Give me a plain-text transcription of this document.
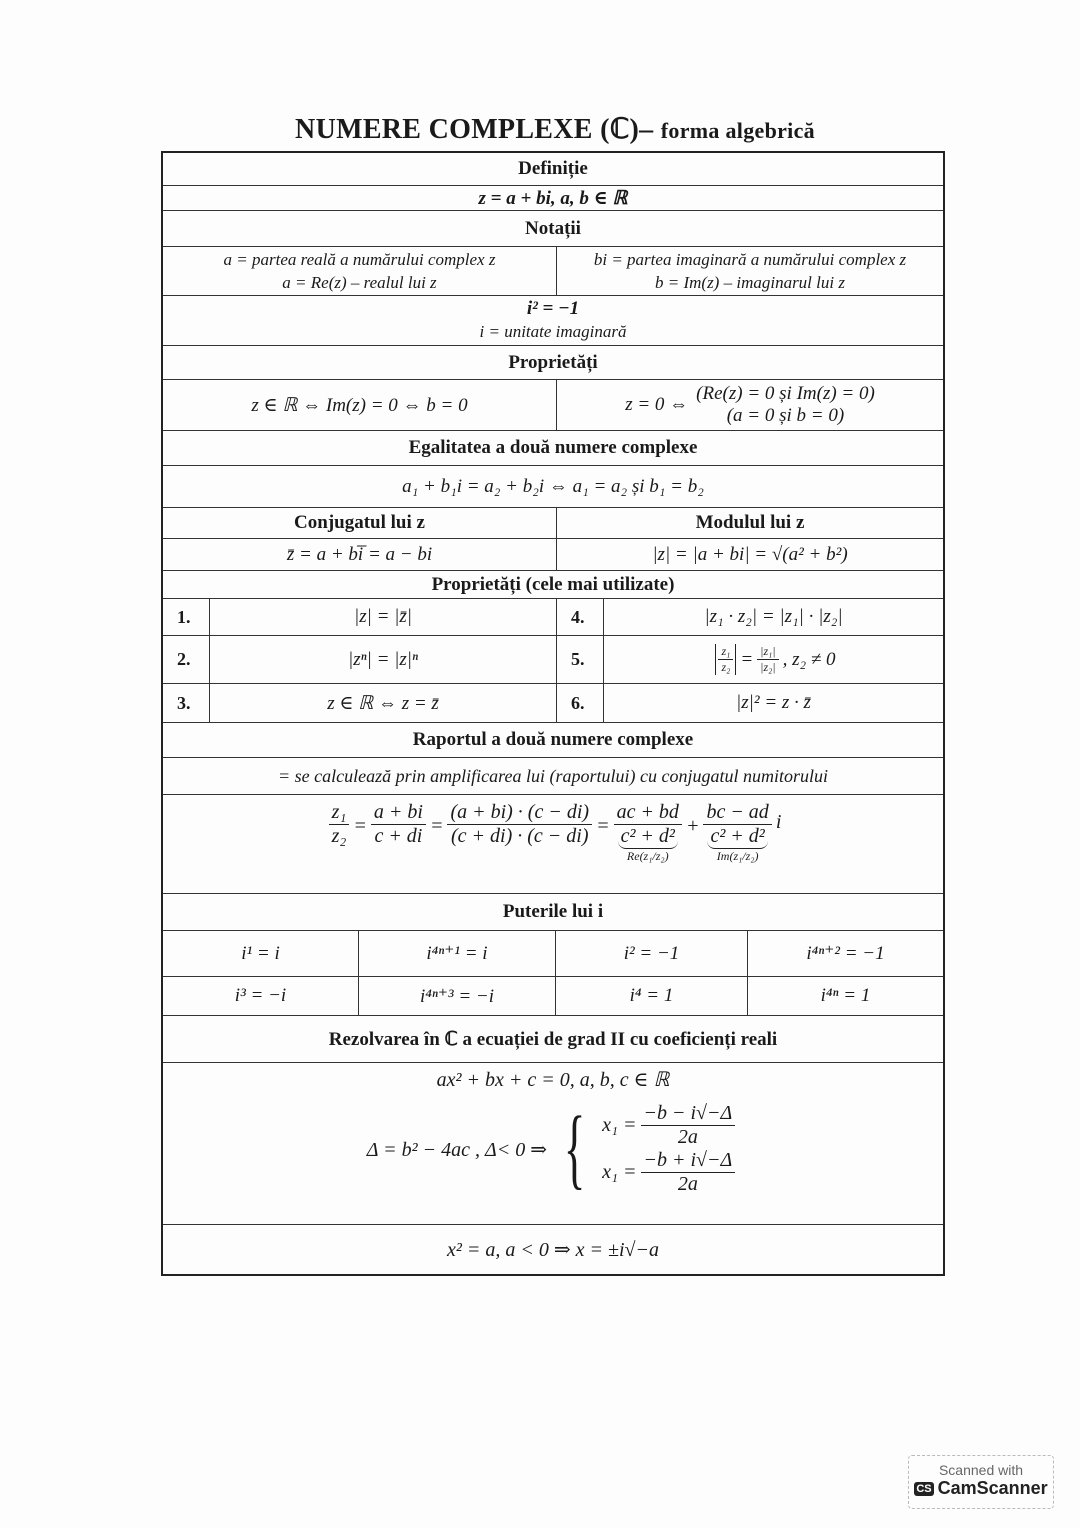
NUMERE COMPLEXE (ℂ)– forma algebrică
Definiție
z = a + bi, a, b ∈ ℝ
Notații
a = partea reală a numărului complex z
a = Re(z) – realul lui z
bi = partea imaginară a numărului complex z
b = Im(z) – imaginarul lui z
i² = −1
i = unitate imaginară
Proprietăți
z ∈ ℝ ⇔ Im(z) = 0 ⇔ b = 0	z = 0 ⇔
(Re(z) = 0 și Im(z) = 0)
(a = 0 și b = 0)
Egalitatea a două numere complexe
a₁ + b₁i = a₂ + b₂i ⇔ a₁ = a₂ și b₁ = b₂
Conjugatul lui z	Modulul lui z
z̄ = a + bi̅ = a − bi	|z| = |a + bi| = √(a² + b²)
Proprietăți (cele mai utilizate)
1.	|z| = |z̄|	4.	|z₁ · z₂| = |z₁| · |z₂|
2.	|zⁿ| = |z|ⁿ	5.	$\frac{\text{z₁}}{\text{z₂}} = \frac{\text{|z₁|}}{\text{|z₂|}}$ , z₂ ≠ 0
3.	z ∈ ℝ ⇔ z = z̄	6.	|z|² = z · z̄
Raportul a două numere complexe
= se calculează prin amplificarea lui (raportului) cu conjugatul numitorului
$\frac{\text{z₁}}{\text{z₂}} = \frac{a + bi}{c + di} = \frac{(a + bi) \cdot (c - di)}{(c + di) \cdot (c - di)}$ =
ac + bd
c² + d²
Re(z₁/z₂)
+
bc − ad
c² + d²
Im(z₁/z₂)
i
Puterile lui i
i¹ = i	i⁴ⁿ⁺¹ = i	i² = −1	i⁴ⁿ⁺² = −1
i³ = −i	i⁴ⁿ⁺³ = −i	i⁴ = 1	i⁴ⁿ = 1
Rezolvarea în ℂ a ecuației de grad II cu coeficienți reali
ax² + bx + c = 0, a, b, c ∈ ℝ
Δ = b² − 4ac , Δ< 0 ⇒ { $x_1 = \frac{-b - i√-\Delta}{2a}$
$x_1 = \frac{-b + i√-\Delta}{2a}$
x² = a, a < 0 ⇒ x = ±i√−a
Scanned with
CS CamScanner
